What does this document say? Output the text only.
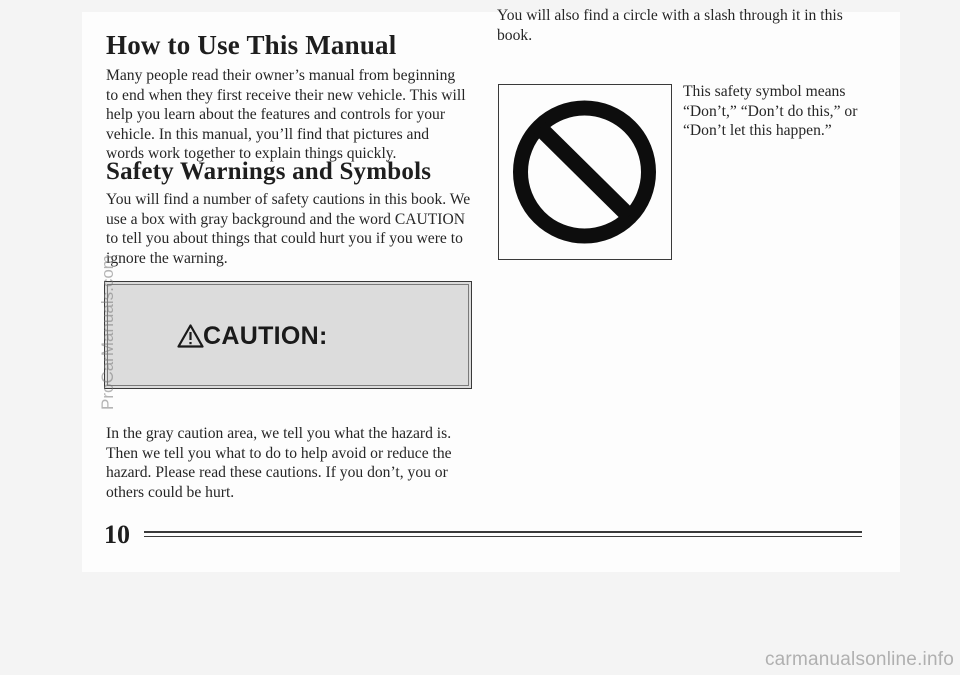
How to Use This Manual

Many people read their owner’s manual from beginning to end when they first receive their new vehicle. This will help you learn about the features and controls for your vehicle. In this manual, you’ll find that pictures and words work together to explain things quickly.

Safety Warnings and Symbols

You will find a number of safety cautions in this book. We use a box with gray background and the word CAUTION to tell you about things that could hurt you if you were to ignore the warning.

CAUTION:

In the gray caution area, we tell you what the hazard is. Then we tell you what to do to help avoid or reduce the hazard. Please read these cautions. If you don’t, you or others could be hurt.

You will also find a circle with a slash through it in this book.

This safety symbol means “Don’t,” “Don’t do this,” or “Don’t let this happen.”

10
ProCarManuals.com
carmanualsonline.info
